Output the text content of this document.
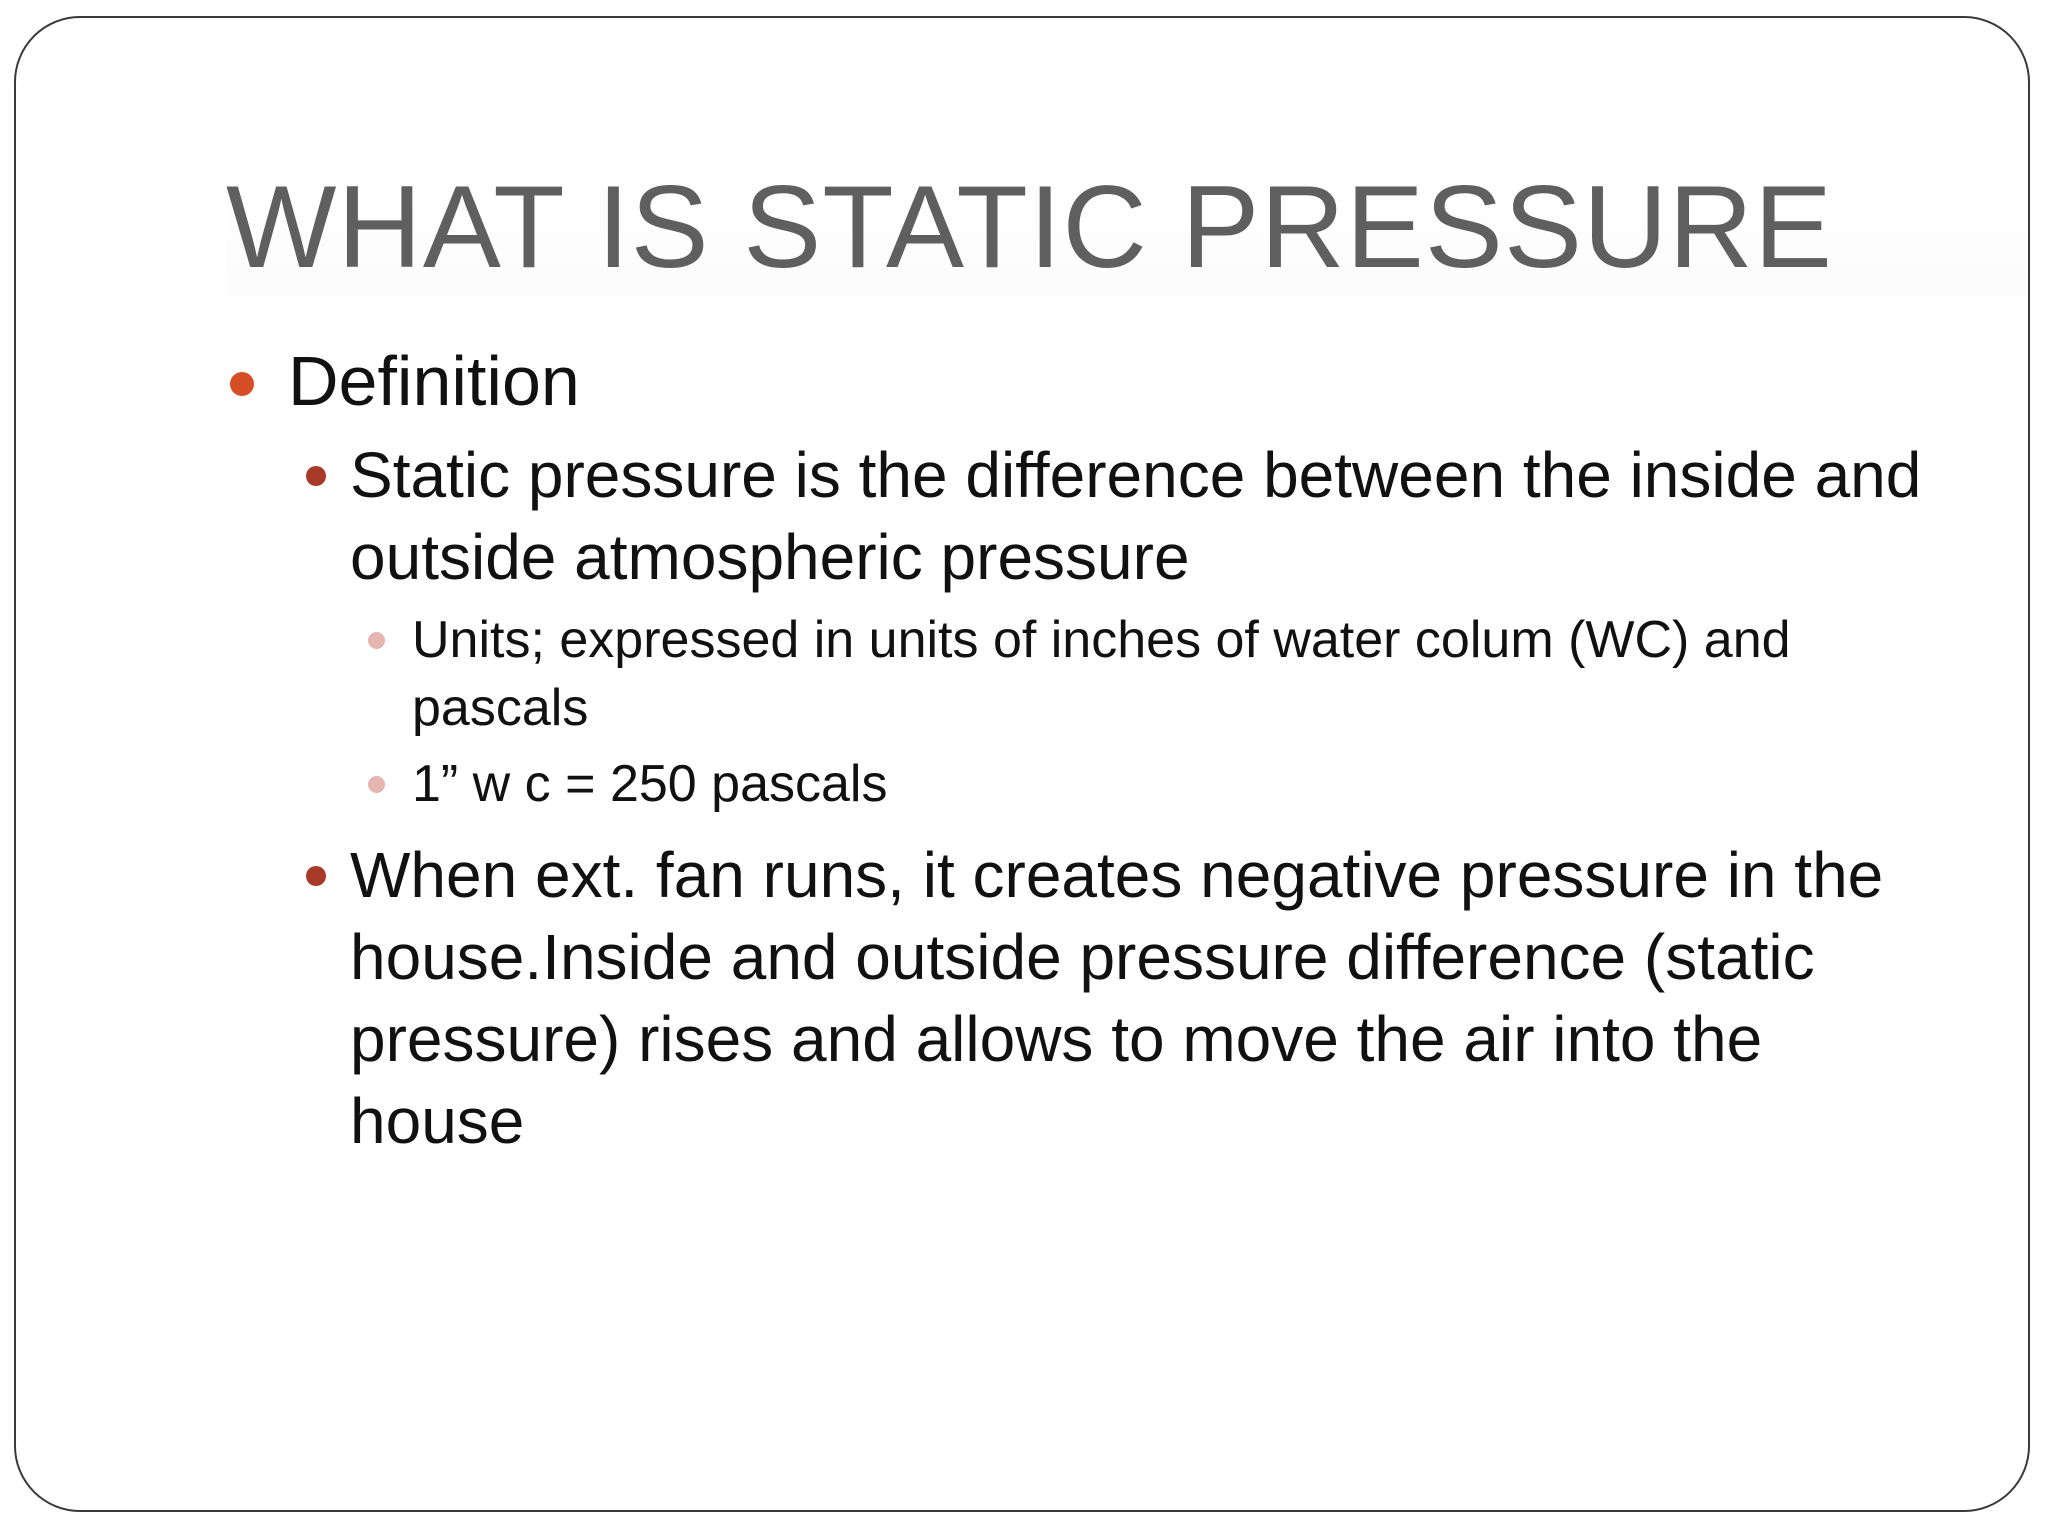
WHAT IS STATIC PRESSURE
Definition
Static pressure is the difference between the inside and outside atmospheric pressure
Units; expressed in units of inches of water colum (WC) and pascals
1” w c = 250 pascals
When ext. fan runs, it creates negative pressure in the house.Inside and outside pressure difference (static pressure) rises and allows to move the air into the house
